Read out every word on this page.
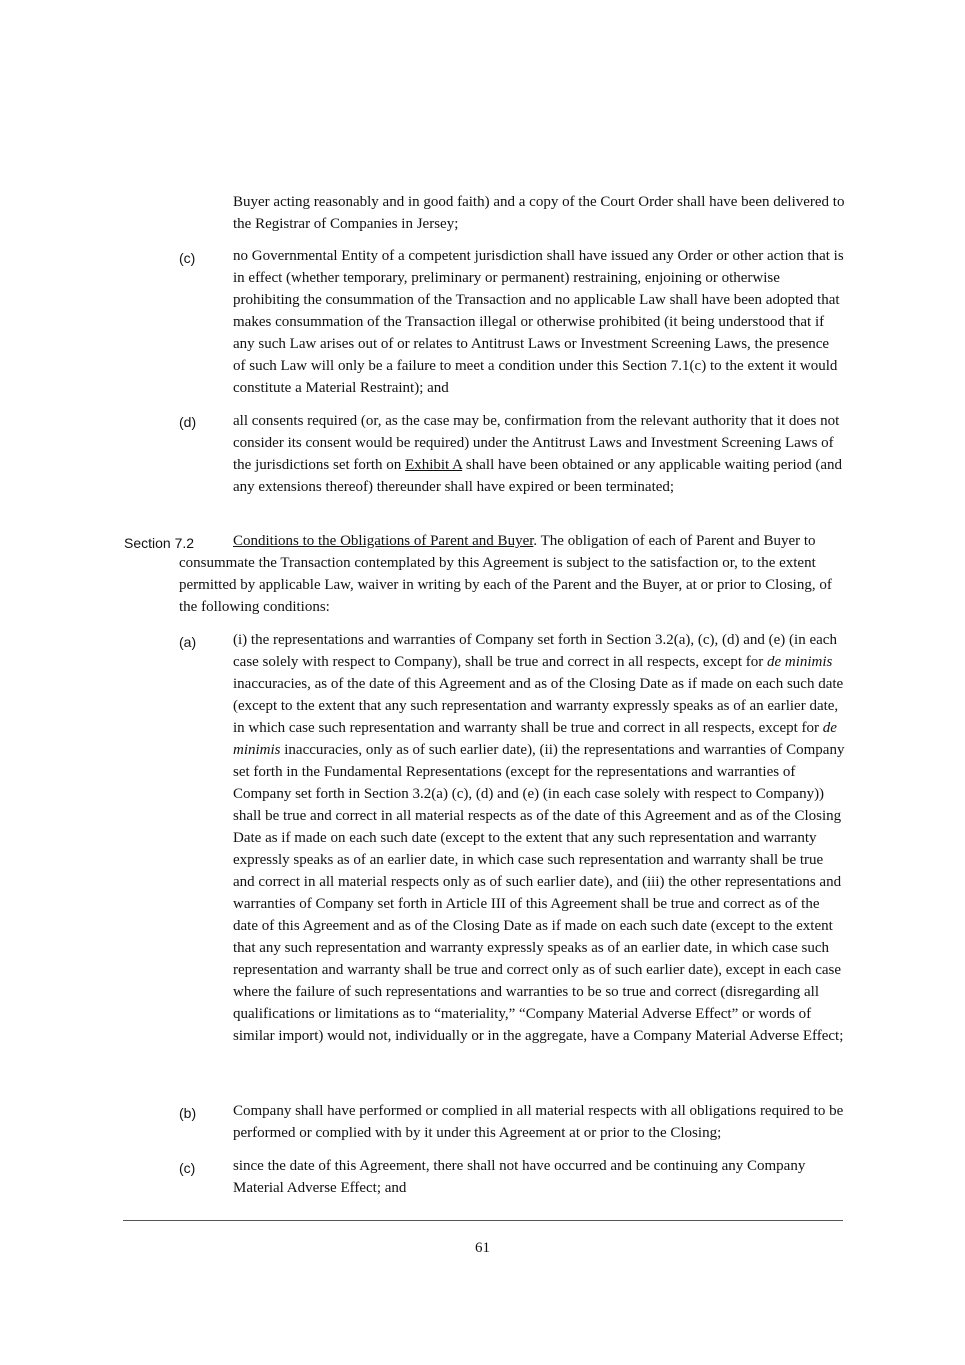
Buyer acting reasonably and in good faith) and a copy of the Court Order shall have been delivered to the Registrar of Companies in Jersey;

(c)	no Governmental Entity of a competent jurisdiction shall have issued any Order or other action that is in effect (whether temporary, preliminary or permanent) restraining, enjoining or otherwise prohibiting the consummation of the Transaction and no applicable Law shall have been adopted that makes consummation of the Transaction illegal or otherwise prohibited (it being understood that if any such Law arises out of or relates to Antitrust Laws or Investment Screening Laws, the presence of such Law will only be a failure to meet a condition under this Section 7.1(c) to the extent it would constitute a Material Restraint); and

(d) all consents required (or, as the case may be, confirmation from the relevant authority that it does not consider its consent would be required) under the Antitrust Laws and Investment Screening Laws of the jurisdictions set forth on Exhibit A shall have been obtained or any applicable waiting period (and any extensions thereof) thereunder shall have expired or been terminated;

Section 7.2	Conditions to the Obligations of Parent and Buyer. The obligation of each of Parent and Buyer to consummate the Transaction contemplated by this Agreement is subject to the satisfaction or, to the extent permitted by applicable Law, waiver in writing by each of the Parent and the Buyer, at or prior to Closing, of the following conditions:

(a) (i) the representations and warranties of Company set forth in Section 3.2(a), (c), (d) and (e) (in each case solely with respect to Company), shall be true and correct in all respects, except for de minimis inaccuracies, as of the date of this Agreement and as of the Closing Date as if made on each such date (except to the extent that any such representation and warranty expressly speaks as of an earlier date, in which case such representation and warranty shall be true and correct in all respects, except for de minimis inaccuracies, only as of such earlier date), (ii) the representations and warranties of Company set forth in the Fundamental Representations (except for the representations and warranties of Company set forth in Section 3.2(a) (c), (d) and (e) (in each case solely with respect to Company)) shall be true and correct in all material respects as of the date of this Agreement and as of the Closing Date as if made on each such date (except to the extent that any such representation and warranty expressly speaks as of an earlier date, in which case such representation and warranty shall be true and correct in all material respects only as of such earlier date), and (iii) the other representations and warranties of Company set forth in Article III of this Agreement shall be true and correct as of the date of this Agreement and as of the Closing Date as if made on each such date (except to the extent that any such representation and warranty expressly speaks as of an earlier date, in which case such representation and warranty shall be true and correct only as of such earlier date), except in each case where the failure of such representations and warranties to be so true and correct (disregarding all qualifications or limitations as to “materiality,” “Company Material Adverse Effect” or words of similar import) would not, individually or in the aggregate, have a Company Material Adverse Effect;

(b) Company shall have performed or complied in all material respects with all obligations required to be performed or complied with by it under this Agreement at or prior to the Closing;

(c)	since the date of this Agreement, there shall not have occurred and be continuing any Company Material Adverse Effect; and

61
